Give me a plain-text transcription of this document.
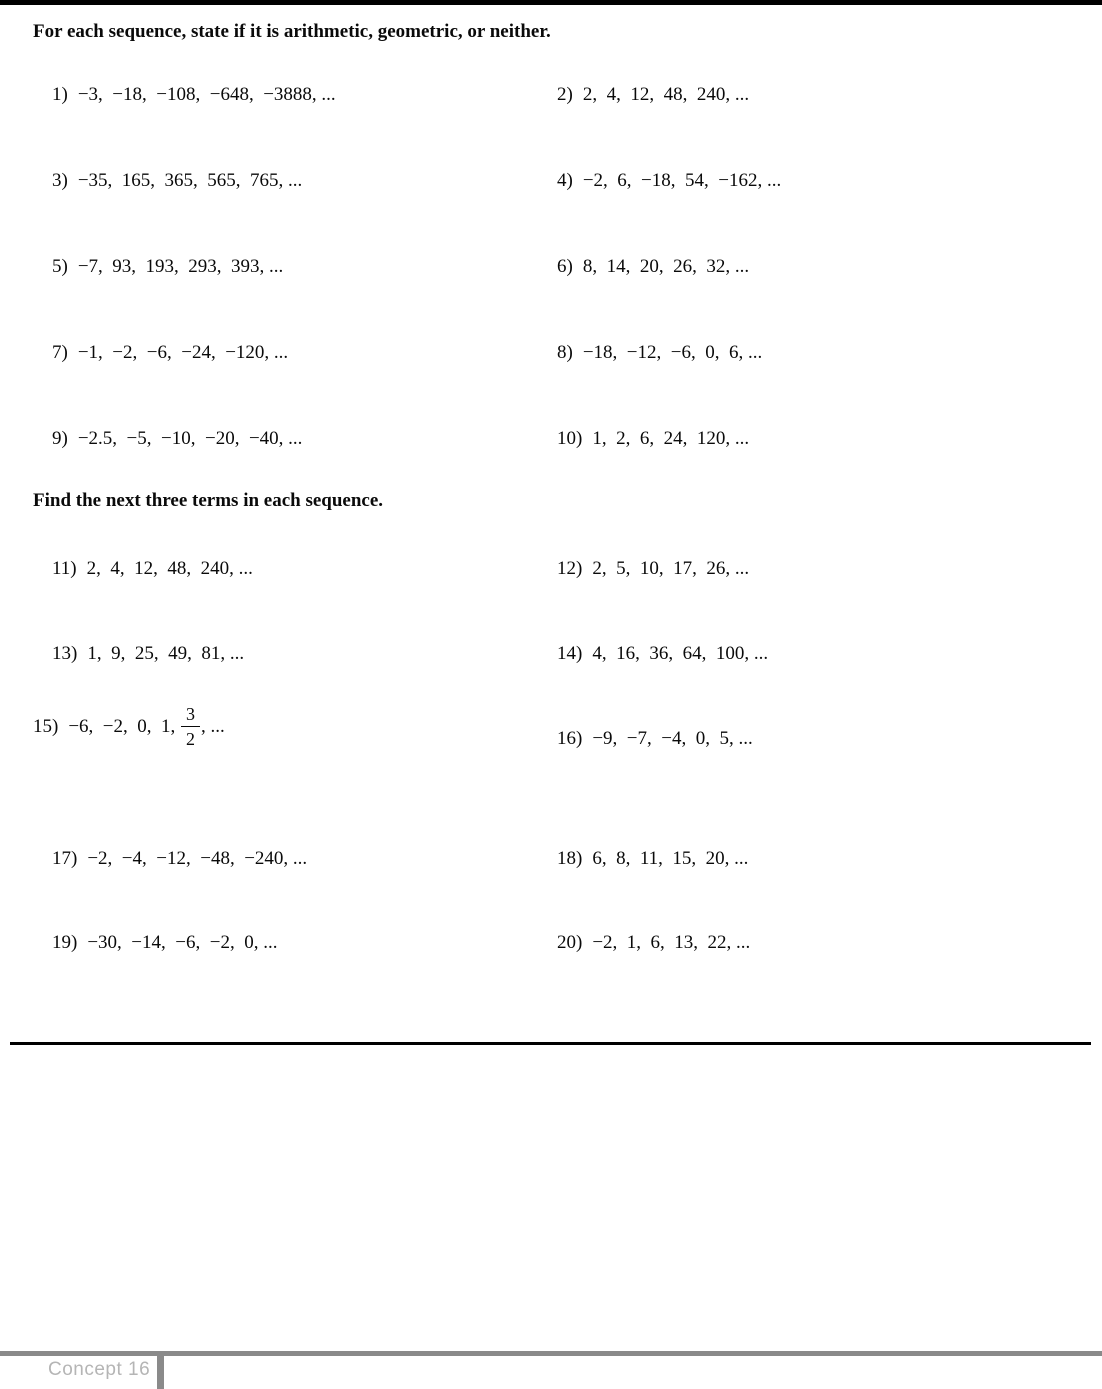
For each sequence, state if it is arithmetic, geometric, or neither.

1) −3,  −18,  −108,  −648,  −3888, ...
	2) 2,  4,  12,  48,  240, ...

3) −35,  165,  365,  565,  765, ...
	4) −2,  6,  −18,  54,  −162, ...

5) −7,  93,  193,  293,  393, ...
	6) 8,  14,  20,  26,  32, ...

7) −1,  −2,  −6,  −24,  −120, ...
	8) −18,  −12,  −6,  0,  6, ...

9) −2.5,  −5,  −10,  −20,  −40, ...
	10) 1,  2,  6,  24,  120, ...

Find the next three terms in each sequence.

11) 2,  4,  12,  48,  240, ...
	12) 2,  5,  10,  17,  26, ...

13) 1,  9,  25,  49,  81, ...
	14) 4,  16,  36,  64,  100, ...

15) −6,  −2,  0,  1, $\frac{3}{2}$ , ...

16) −9,  −7,  −4,  0,  5, ...

17) −2,  −4,  −12,  −48,  −240, ...
	18) 6,  8,  11,  15,  20, ...

19) −30,  −14,  −6,  −2,  0, ...
	20) −2,  1,  6,  13,  22, ...

Concept 16
